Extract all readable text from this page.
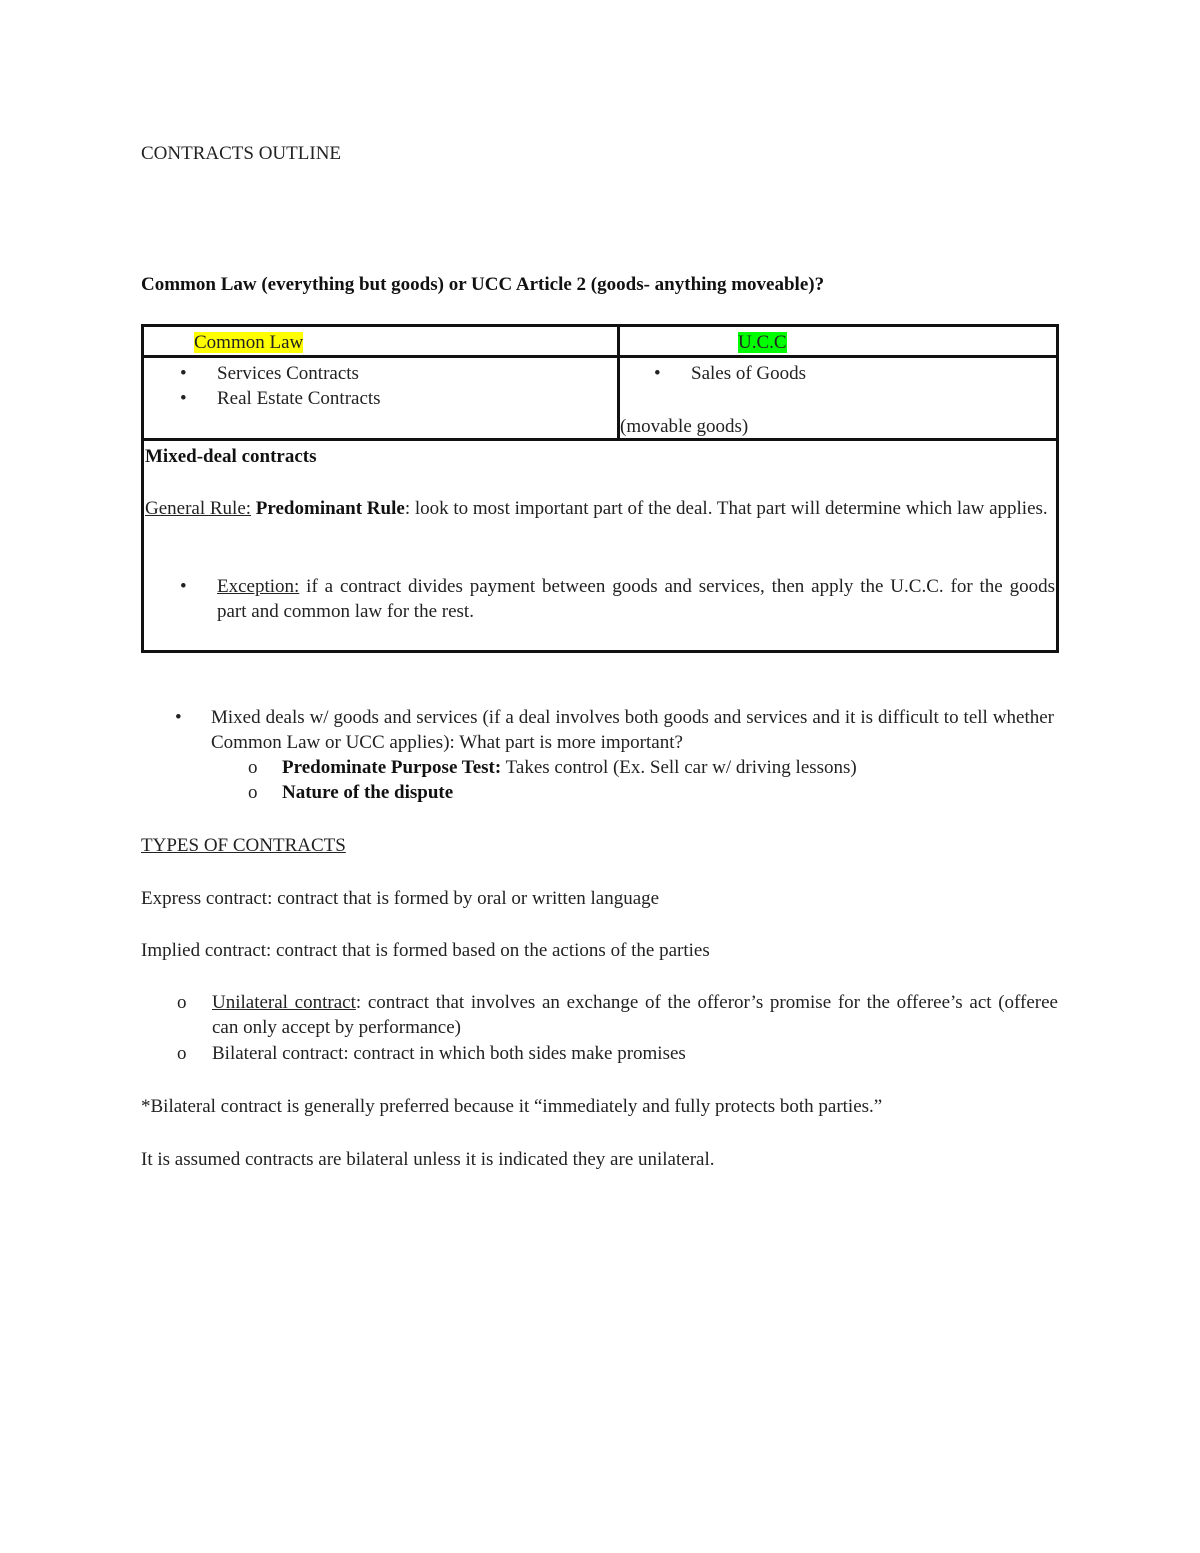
CONTRACTS OUTLINE
Common Law (everything but goods) or UCC Article 2 (goods- anything moveable)?
Common Law	U.C.C
• Services Contracts
• Real Estate Contracts
• Sales of Goods
(movable goods)
Mixed-deal contracts
General Rule: Predominant Rule: look to most important part of the deal. That part will determine which law applies.
• Exception: if a contract divides payment between goods and services, then apply the U.C.C. for the goods part and common law for the rest.
• Mixed deals w/ goods and services (if a deal involves both goods and services and it is difficult to tell whether Common Law or UCC applies): What part is more important?
o Predominate Purpose Test: Takes control (Ex. Sell car w/ driving lessons)
o Nature of the dispute
TYPES OF CONTRACTS
Express contract: contract that is formed by oral or written language
Implied contract: contract that is formed based on the actions of the parties
o Unilateral contract: contract that involves an exchange of the offeror’s promise for the offeree’s act (offeree can only accept by performance)
o Bilateral contract: contract in which both sides make promises
*Bilateral contract is generally preferred because it “immediately and fully protects both parties.”
It is assumed contracts are bilateral unless it is indicated they are unilateral.
